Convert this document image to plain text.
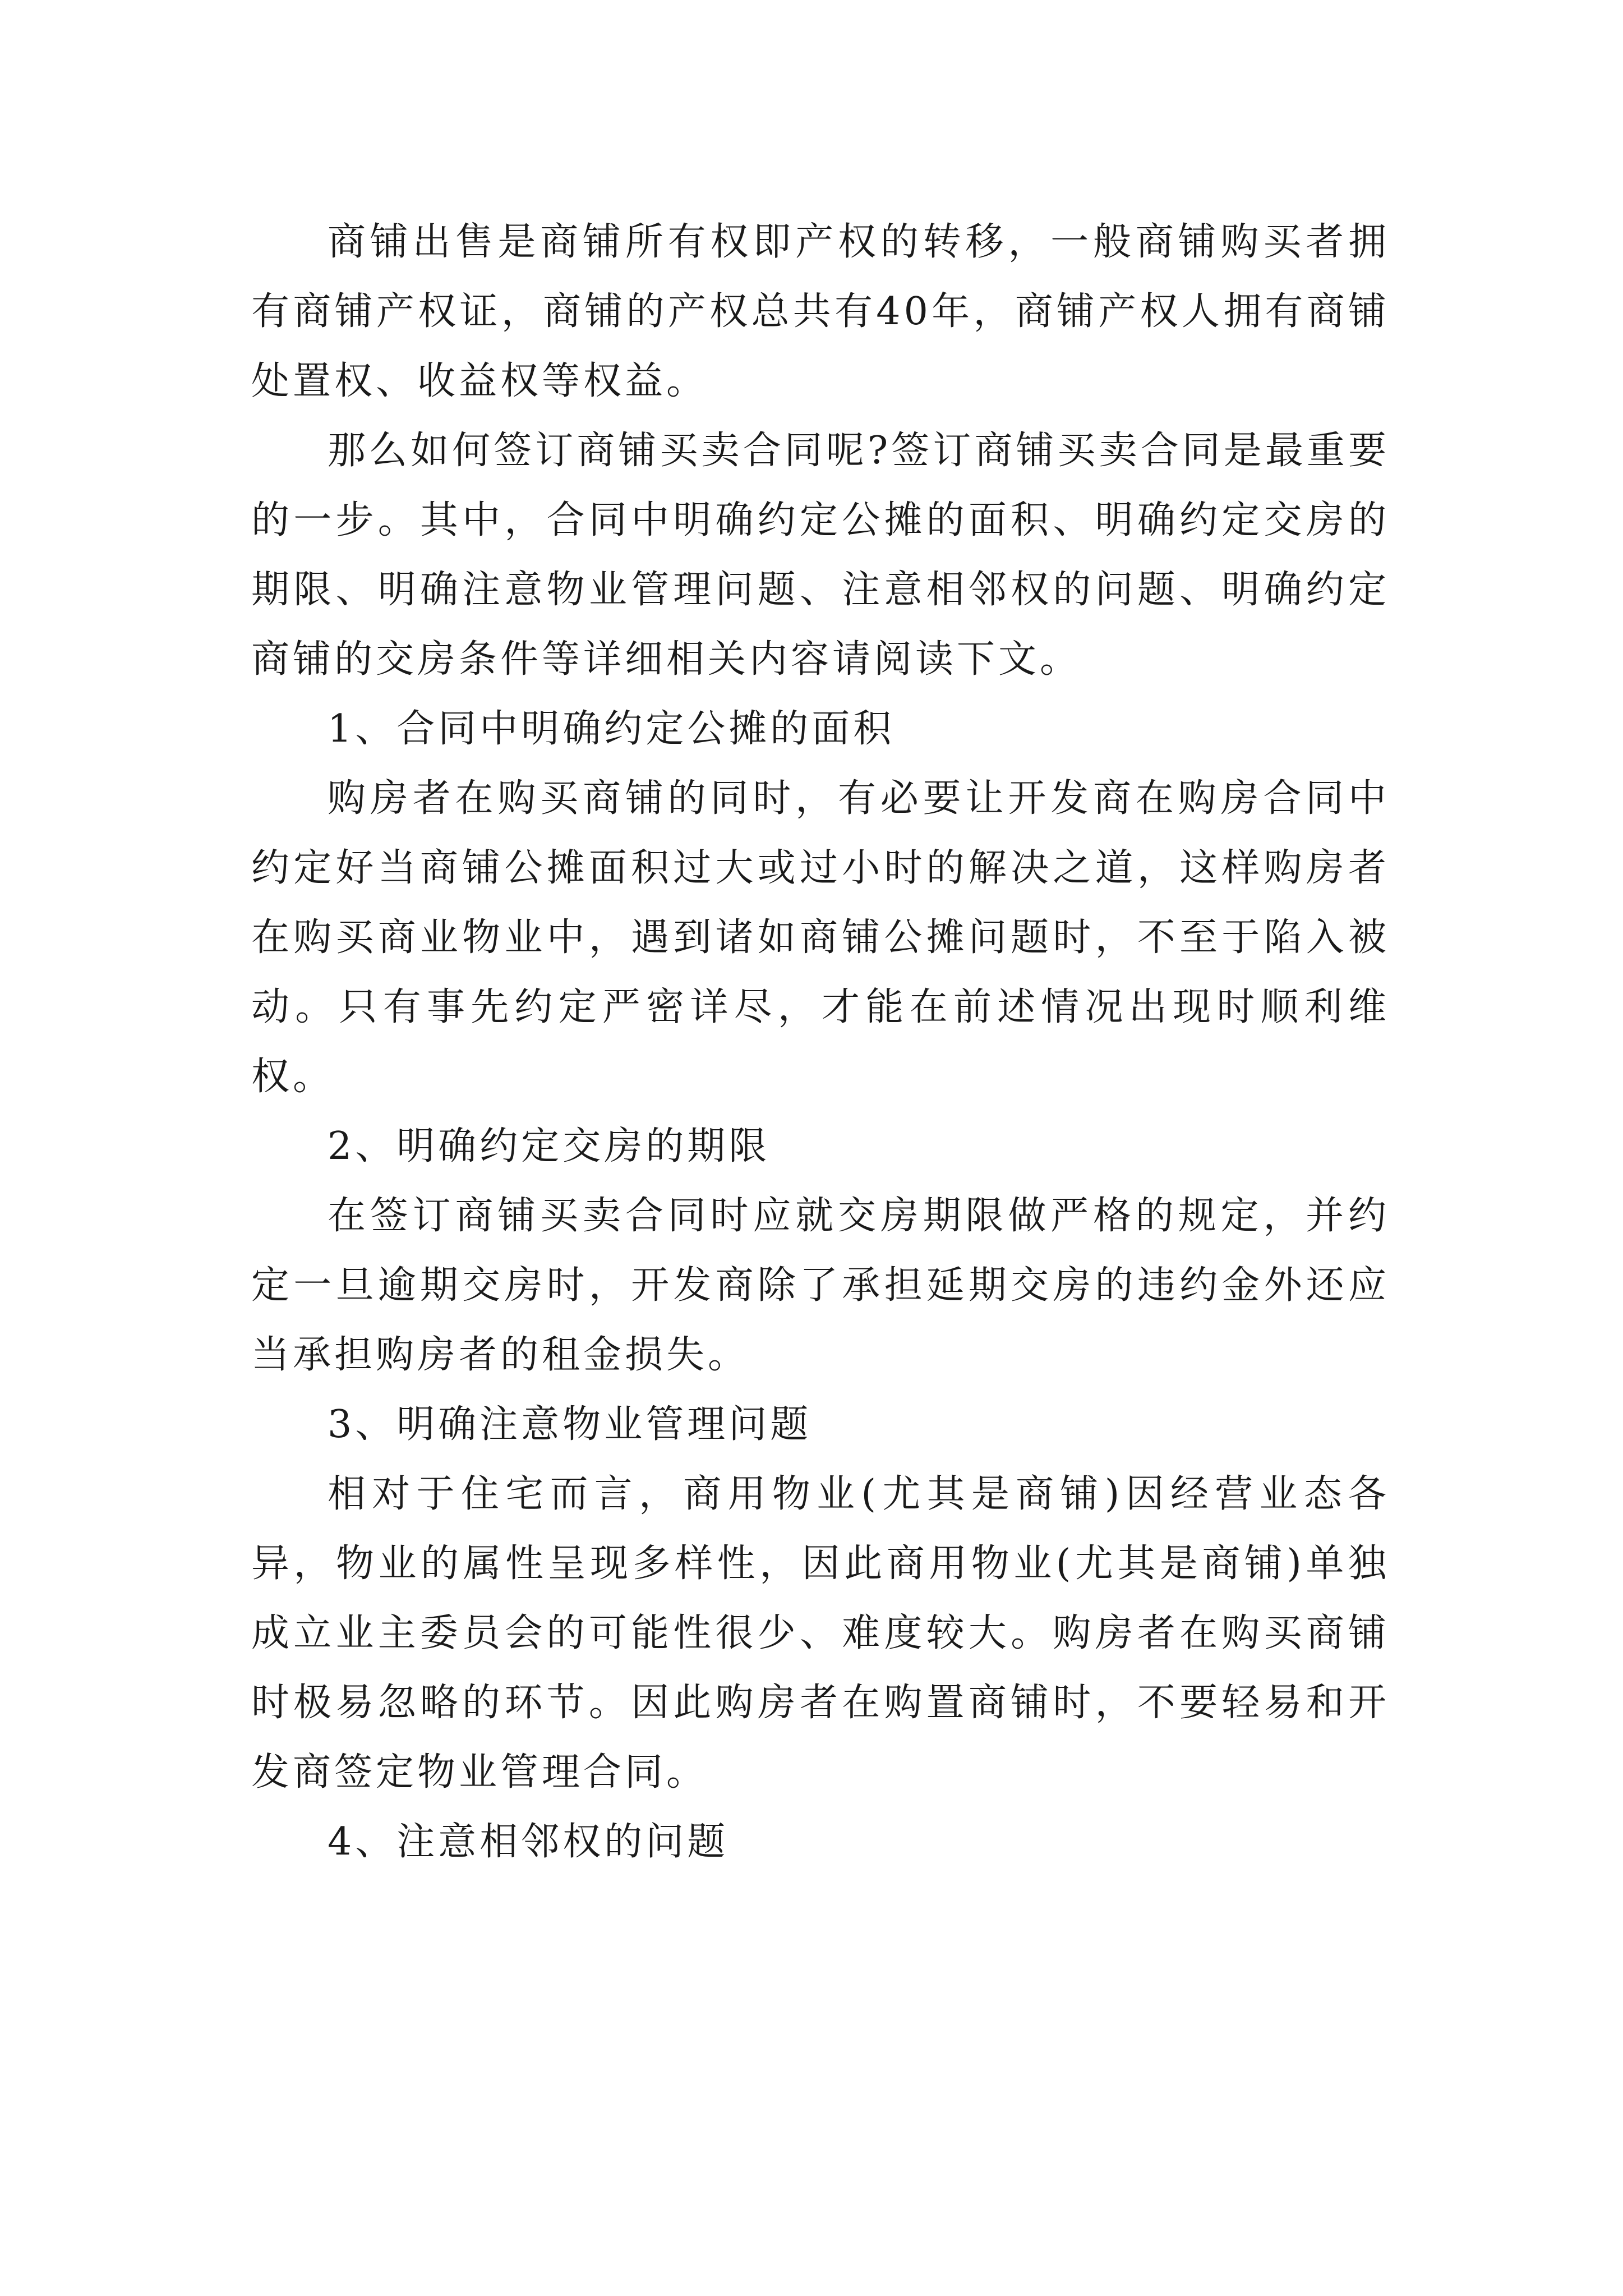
商铺出售是商铺所有权即产权的转移，一般商铺购买者拥有商铺产权证，商铺的产权总共有40年，商铺产权人拥有商铺处置权、收益权等权益。

那么如何签订商铺买卖合同呢?签订商铺买卖合同是最重要的一步。其中，合同中明确约定公摊的面积、明确约定交房的期限、明确注意物业管理问题、注意相邻权的问题、明确约定商铺的交房条件等详细相关内容请阅读下文。

1、合同中明确约定公摊的面积

购房者在购买商铺的同时，有必要让开发商在购房合同中约定好当商铺公摊面积过大或过小时的解决之道，这样购房者在购买商业物业中，遇到诸如商铺公摊问题时，不至于陷入被动。只有事先约定严密详尽，才能在前述情况出现时顺利维权。

2、明确约定交房的期限

在签订商铺买卖合同时应就交房期限做严格的规定，并约定一旦逾期交房时，开发商除了承担延期交房的违约金外还应当承担购房者的租金损失。

3、明确注意物业管理问题

相对于住宅而言，商用物业(尤其是商铺)因经营业态各异，物业的属性呈现多样性，因此商用物业(尤其是商铺)单独成立业主委员会的可能性很少、难度较大。购房者在购买商铺时极易忽略的环节。因此购房者在购置商铺时，不要轻易和开发商签定物业管理合同。

4、注意相邻权的问题
